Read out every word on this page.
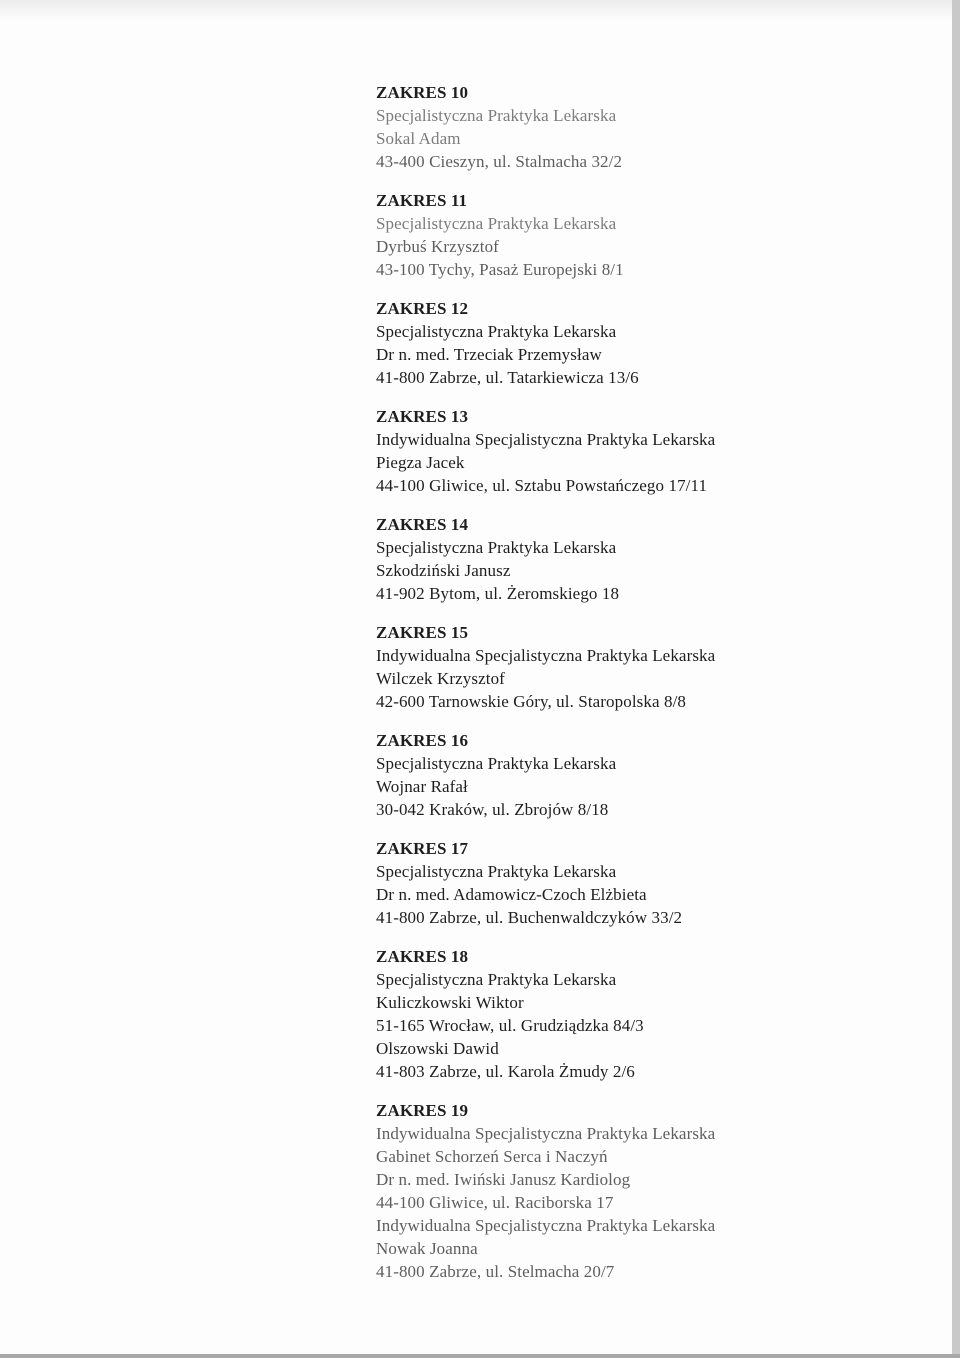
ZAKRES 10
Specjalistyczna Praktyka Lekarska
Sokal Adam
43-400 Cieszyn, ul. Stalmacha 32/2
ZAKRES 11
Specjalistyczna Praktyka Lekarska
Dyrbuś Krzysztof
43-100 Tychy, Pasaż Europejski 8/1
ZAKRES 12
Specjalistyczna Praktyka Lekarska
Dr n. med. Trzeciak Przemysław
41-800 Zabrze, ul. Tatarkiewicza 13/6
ZAKRES 13
Indywidualna Specjalistyczna Praktyka Lekarska
Piegza Jacek
44-100 Gliwice, ul. Sztabu Powstańczego 17/11
ZAKRES 14
Specjalistyczna Praktyka Lekarska
Szkodziński Janusz
41-902 Bytom, ul. Żeromskiego 18
ZAKRES 15
Indywidualna Specjalistyczna Praktyka Lekarska
Wilczek Krzysztof
42-600 Tarnowskie Góry, ul. Staropolska 8/8
ZAKRES 16
Specjalistyczna Praktyka Lekarska
Wojnar Rafał
30-042 Kraków, ul. Zbrojów 8/18
ZAKRES 17
Specjalistyczna Praktyka Lekarska
Dr n. med. Adamowicz-Czoch Elżbieta
41-800 Zabrze, ul. Buchenwaldczyków 33/2
ZAKRES 18
Specjalistyczna Praktyka Lekarska
Kuliczkowski Wiktor
51-165 Wrocław, ul. Grudziądzka 84/3
Olszowski Dawid
41-803 Zabrze, ul. Karola Żmudy 2/6
ZAKRES 19
Indywidualna Specjalistyczna Praktyka Lekarska
Gabinet Schorzeń Serca i Naczyń
Dr n. med. Iwiński Janusz Kardiolog
44-100 Gliwice, ul. Raciborska 17
Indywidualna Specjalistyczna Praktyka Lekarska
Nowak Joanna
41-800 Zabrze, ul. Stelmacha 20/7
